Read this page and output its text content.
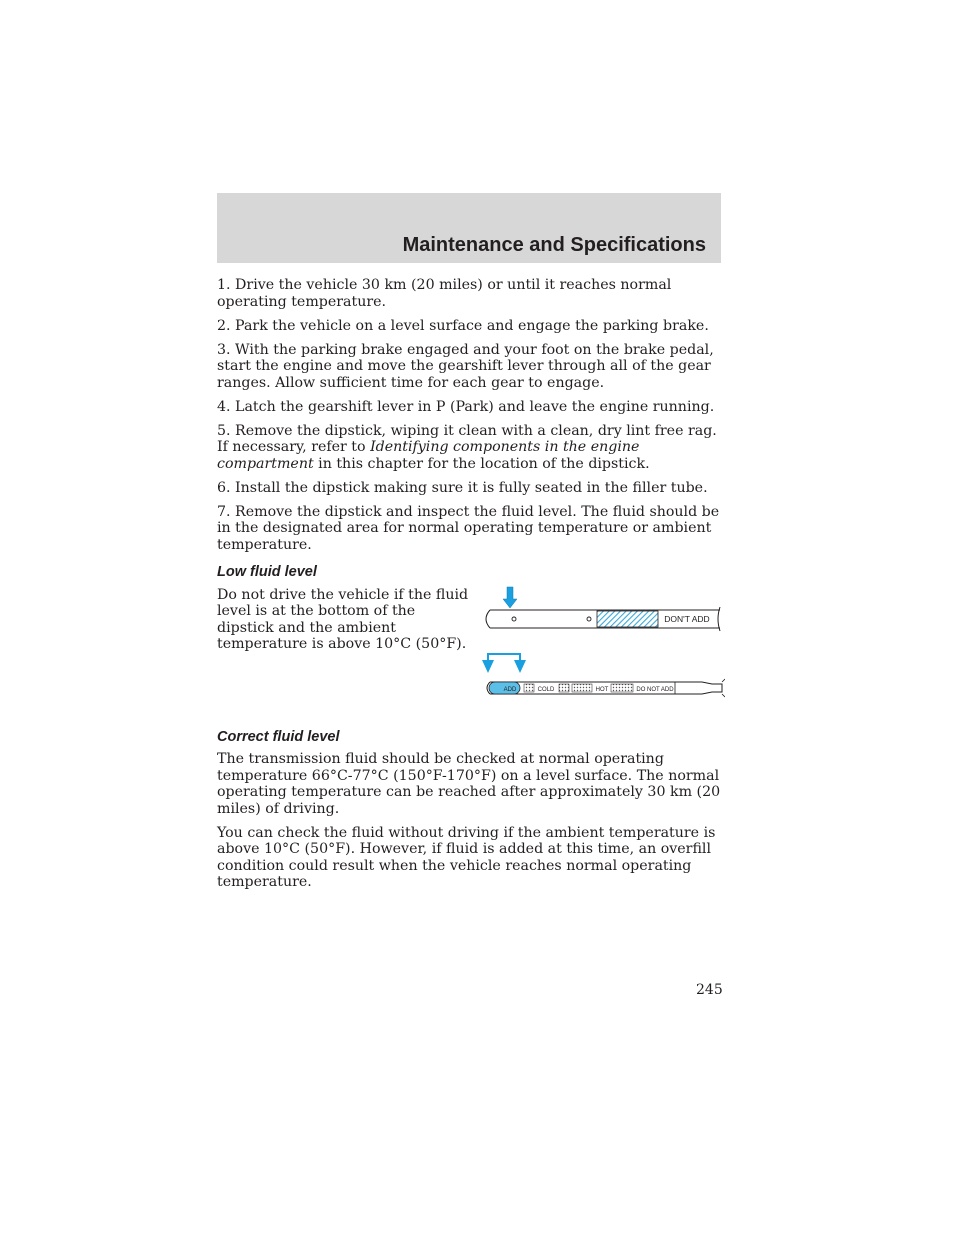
Maintenance and Specifications

1. Drive the vehicle 30 km (20 miles) or until it reaches normal operating temperature.

2. Park the vehicle on a level surface and engage the parking brake.

3. With the parking brake engaged and your foot on the brake pedal, start the engine and move the gearshift lever through all of the gear ranges. Allow sufficient time for each gear to engage.

4. Latch the gearshift lever in P (Park) and leave the engine running.

5. Remove the dipstick, wiping it clean with a clean, dry lint free rag. If necessary, refer to Identifying components in the engine compartment in this chapter for the location of the dipstick.

6. Install the dipstick making sure it is fully seated in the filler tube.

7. Remove the dipstick and inspect the fluid level. The fluid should be in the designated area for normal operating temperature or ambient temperature.

Low fluid level
Do not drive the vehicle if the fluid level is at the bottom of the dipstick and the ambient temperature is above 10°C (50°F).
DON'T ADD
ADD	COLD	HOT	DO NOT ADD
Correct fluid level

The transmission fluid should be checked at normal operating temperature 66°C-77°C (150°F-170°F) on a level surface. The normal operating temperature can be reached after approximately 30 km (20 miles) of driving.

You can check the fluid without driving if the ambient temperature is above 10°C (50°F). However, if fluid is added at this time, an overfill condition could result when the vehicle reaches normal operating temperature.

245
